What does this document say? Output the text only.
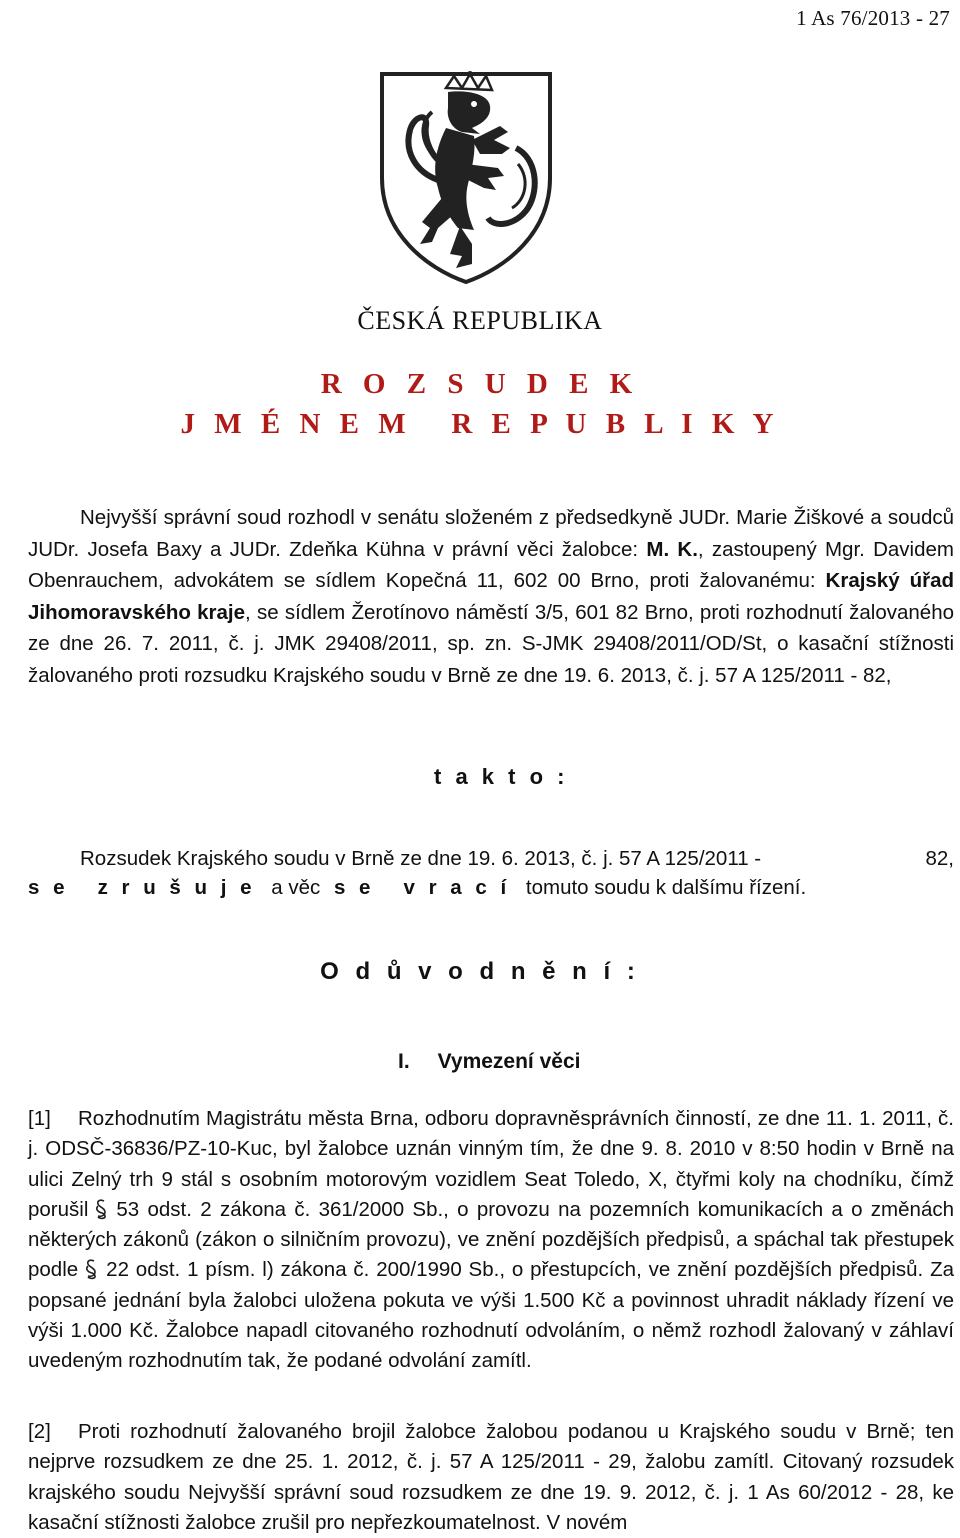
1 As 76/2013 - 27
ČESKÁ REPUBLIKA
R O Z S U D E K
J M É N E M   R E P U B L I K Y
Nejvyšší správní soud rozhodl v senátu složeném z předsedkyně JUDr. Marie Žiškové a soudců JUDr. Josefa Baxy a JUDr. Zdeňka Kühna v právní věci žalobce: M. K., zastoupený Mgr. Davidem Obenrauchem, advokátem se sídlem Kopečná 11, 602 00 Brno, proti žalovanému: Krajský úřad Jihomoravského kraje, se sídlem Žerotínovo náměstí 3/5, 601 82 Brno, proti rozhodnutí žalovaného ze dne 26. 7. 2011, č. j. JMK 29408/2011, sp. zn. S-JMK 29408/2011/OD/St, o kasační stížnosti žalovaného proti rozsudku Krajského soudu v Brně ze dne 19. 6. 2013, č. j. 57 A 125/2011 - 82,
t a k t o :
Rozsudek Krajského soudu v Brně ze dne 19. 6. 2013, č. j. 57 A 125/2011 -	82,
s e   z r u š u j e a věc s e   v r a c í tomuto soudu k dalšímu řízení.
O d ů v o d n ě n í :
I. Vymezení věci
[1] Rozhodnutím Magistrátu města Brna, odboru dopravněsprávních činností, ze dne 11. 1. 2011, č. j. ODSČ-36836/PZ-10-Kuc, byl žalobce uznán vinným tím, že dne 9. 8. 2010 v 8:50 hodin v Brně na ulici Zelný trh 9 stál s osobním motorovým vozidlem Seat Toledo, X, čtyřmi koly na chodníku, čímž porušil 53 odst. 2 zákona č. 361/2000 Sb., o provozu na pozemních komunikacích a o změnách některých zákonů (zákon o silničním provozu), ve znění pozdějších předpisů, a spáchal tak přestupek podle 22 odst. 1 písm. l) zákona č. 200/1990 Sb., o přestupcích, ve znění pozdějších předpisů. Za popsané jednání byla žalobci uložena pokuta ve výši 1.500 Kč a povinnost uhradit náklady řízení ve výši 1.000 Kč. Žalobce napadl citovaného rozhodnutí odvoláním, o němž rozhodl žalovaný v záhlaví uvedeným rozhodnutím tak, že podané odvolání zamítl.
[2] Proti rozhodnutí žalovaného brojil žalobce žalobou podanou u Krajského soudu v Brně; ten nejprve rozsudkem ze dne 25. 1. 2012, č. j. 57 A 125/2011 - 29, žalobu zamítl. Citovaný rozsudek krajského soudu Nejvyšší správní soud rozsudkem ze dne 19. 9. 2012, č. j. 1 As 60/2012 - 28, ke kasační stížnosti žalobce zrušil pro nepřezkoumatelnost. V novém
